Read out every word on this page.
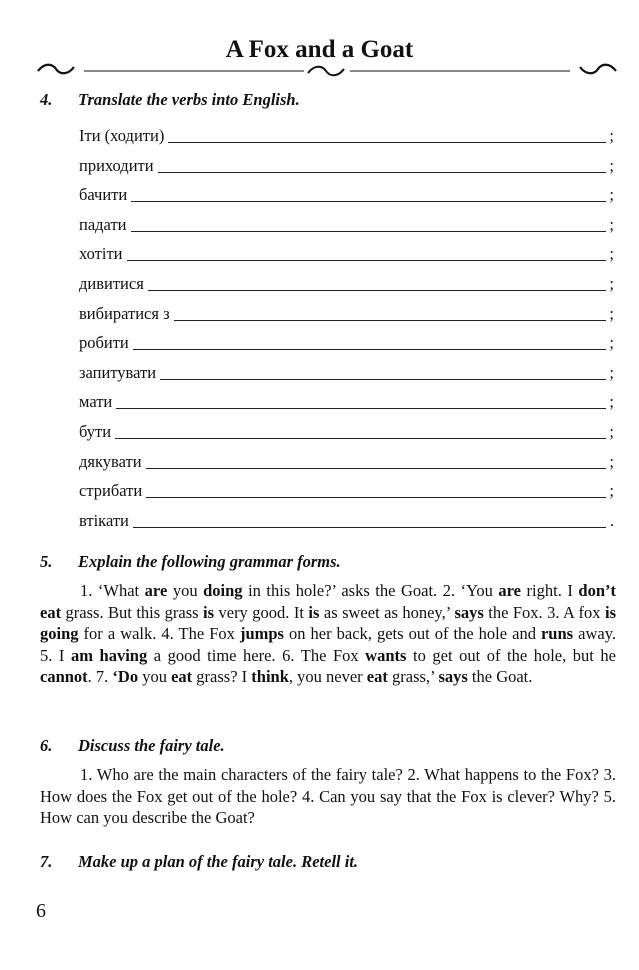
A Fox and a Goat
4. Translate the verbs into English.
Іти (ходити)	;
приходити	;
бачити	;
падати	;
хотіти	;
дивитися	;
вибиратися з	;
робити	;
запитувати	;
мати	;
бути	;
дякувати	;
стрибати	;
втікати	.
5. Explain the following grammar forms.
1. ‘What are you doing in this hole?’ asks the Goat. 2. ‘You are right. I don’t eat grass. But this grass is very good. It is as sweet as honey,’ says the Fox. 3. A fox is going for a walk. 4. The Fox jumps on her back, gets out of the hole and runs away. 5. I am having a good time here. 6. The Fox wants to get out of the hole, but he cannot. 7. ‘Do you eat grass? I think, you never eat grass,’ says the Goat.
6. Discuss the fairy tale.
1. Who are the main characters of the fairy tale? 2. What happens to the Fox? 3. How does the Fox get out of the hole? 4. Can you say that the Fox is clever? Why? 5. How can you describe the Goat?
7. Make up a plan of the fairy tale. Retell it.
6
